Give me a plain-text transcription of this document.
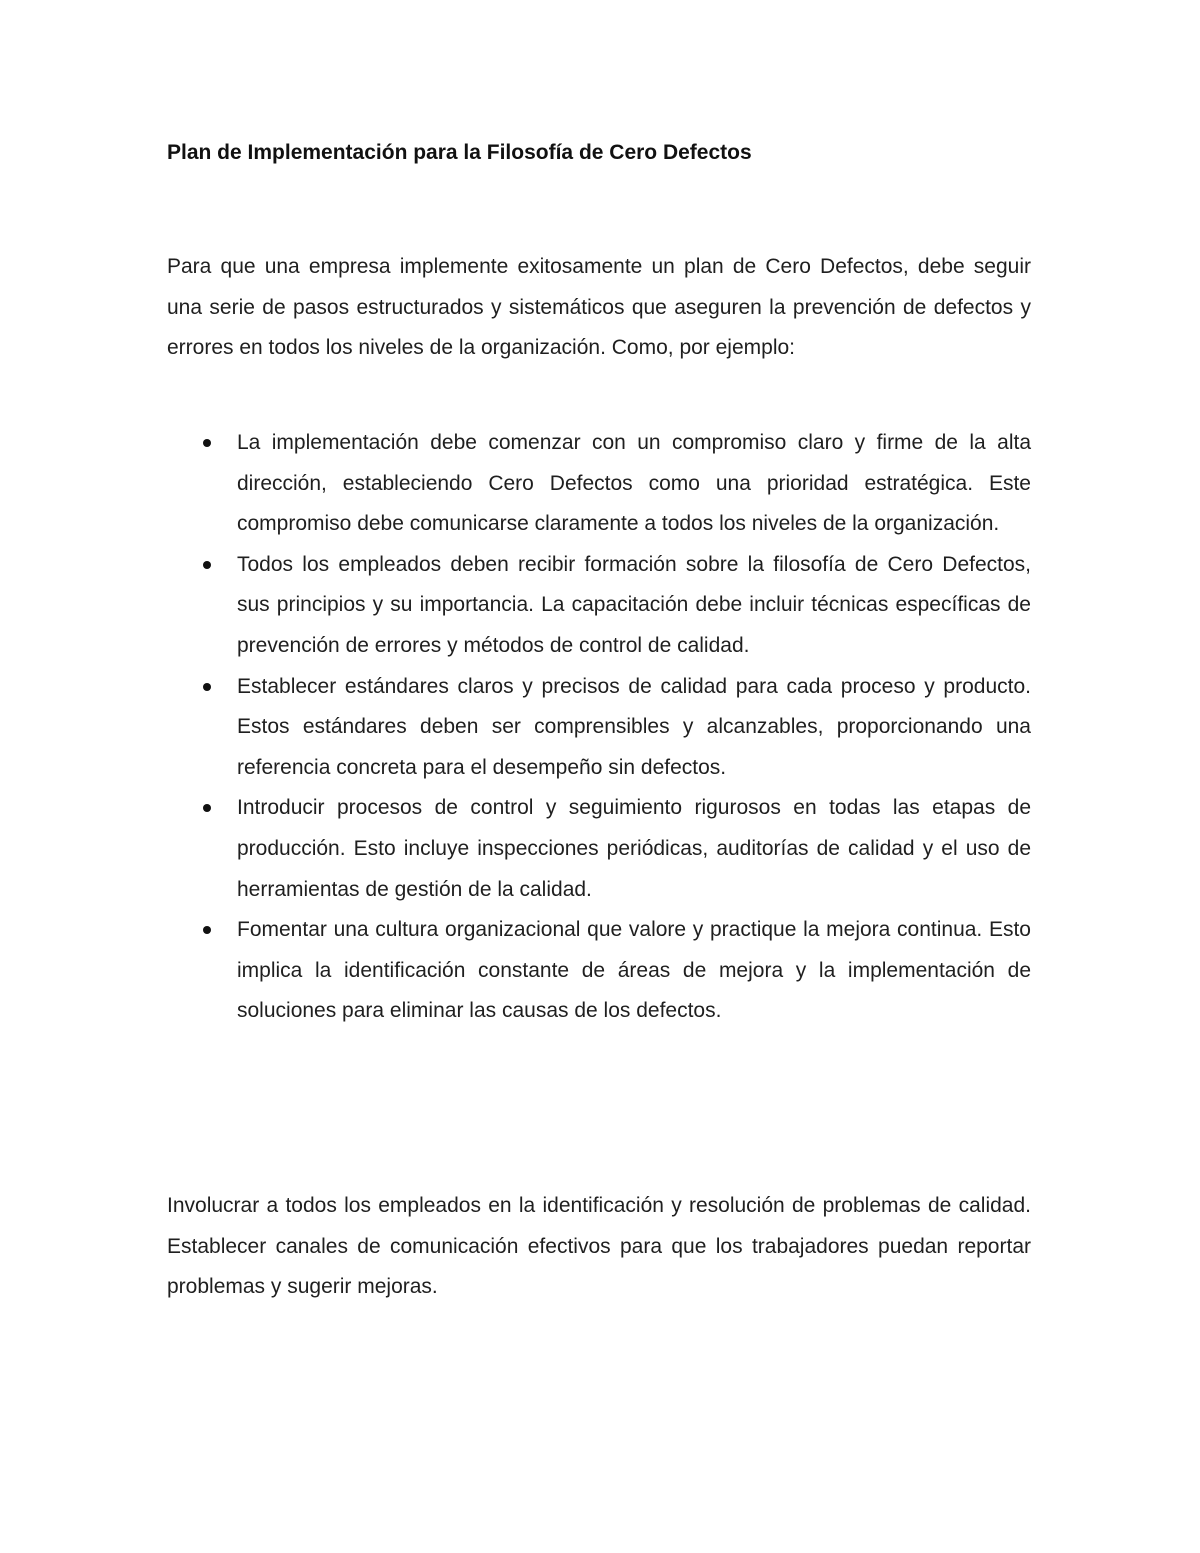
Plan de Implementación para la Filosofía de Cero Defectos

Para que una empresa implemente exitosamente un plan de Cero Defectos, debe seguir una serie de pasos estructurados y sistemáticos que aseguren la prevención de defectos y errores en todos los niveles de la organización. Como, por ejemplo:

La implementación debe comenzar con un compromiso claro y firme de la alta dirección, estableciendo Cero Defectos como una prioridad estratégica. Este compromiso debe comunicarse claramente a todos los niveles de la organización.
Todos los empleados deben recibir formación sobre la filosofía de Cero Defectos, sus principios y su importancia. La capacitación debe incluir técnicas específicas de prevención de errores y métodos de control de calidad.
Establecer estándares claros y precisos de calidad para cada proceso y producto. Estos estándares deben ser comprensibles y alcanzables, proporcionando una referencia concreta para el desempeño sin defectos.
Introducir procesos de control y seguimiento rigurosos en todas las etapas de producción. Esto incluye inspecciones periódicas, auditorías de calidad y el uso de herramientas de gestión de la calidad.
Fomentar una cultura organizacional que valore y practique la mejora continua. Esto implica la identificación constante de áreas de mejora y la implementación de soluciones para eliminar las causas de los defectos.

Involucrar a todos los empleados en la identificación y resolución de problemas de calidad. Establecer canales de comunicación efectivos para que los trabajadores puedan reportar problemas y sugerir mejoras.
